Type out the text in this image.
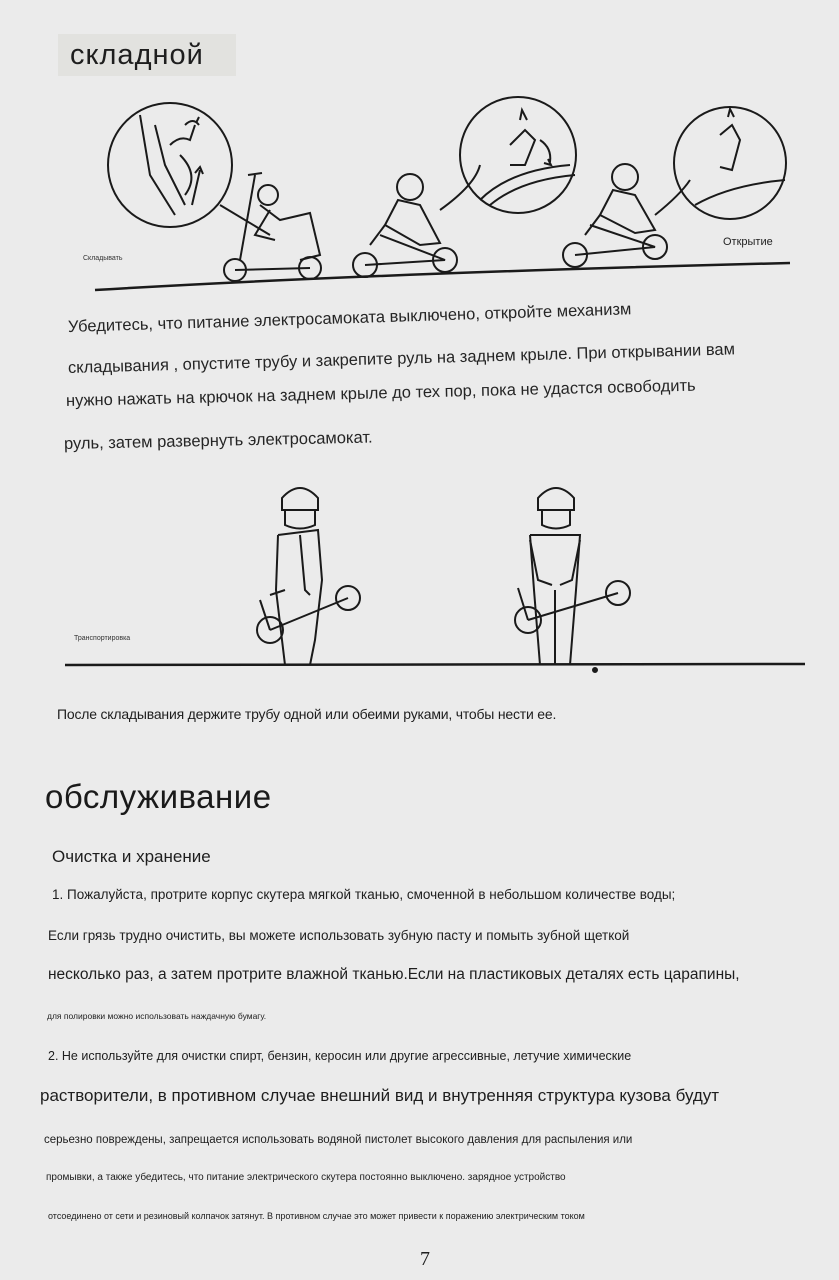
складной
Складывать
Открытие
Убедитесь, что питание электросамоката выключено, откройте механизм
складывания , опустите трубу и закрепите руль на заднем крыле. При открывании вам
нужно нажать на крючок на заднем крыле до тех пор, пока не удастся освободить
руль, затем развернуть электросамокат.
Транспортировка
После складывания держите трубу одной или обеими руками, чтобы нести ее.
обслуживание
Очистка и хранение
1. Пожалуйста, протрите корпус скутера мягкой тканью, смоченной в небольшом количестве воды;
Если грязь трудно очистить, вы можете использовать зубную пасту и помыть зубной щеткой
несколько раз, а затем протрите влажной тканью.Если на пластиковых деталях есть царапины,
для полировки можно использовать наждачную бумагу.
2. Не используйте для очистки спирт, бензин, керосин или другие агрессивные, летучие химические
растворители, в противном случае внешний вид и внутренняя структура кузова будут
серьезно повреждены, запрещается использовать водяной пистолет высокого давления для распыления или
промывки, а также убедитесь, что питание электрического скутера постоянно выключено. зарядное устройство
отсоединено от сети и резиновый колпачок затянут. В противном случае это может привести к поражению электрическим током
7
